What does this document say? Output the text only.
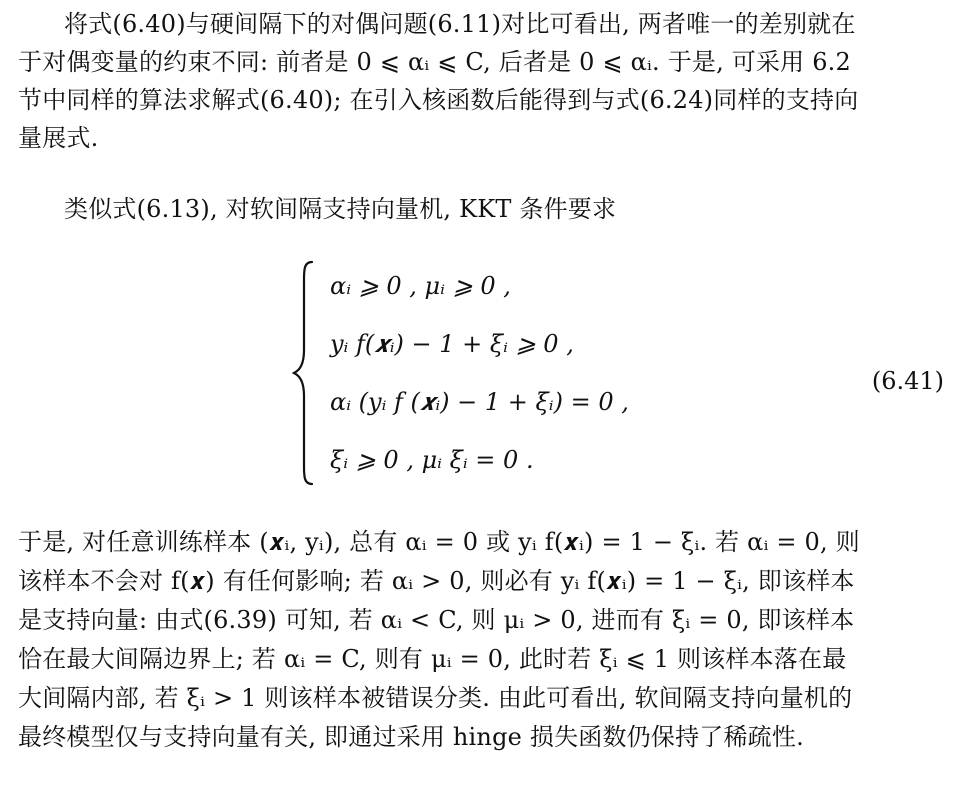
将式(6.40)与硬间隔下的对偶问题(6.11)对比可看出, 两者唯一的差别就在
于对偶变量的约束不同: 前者是 0 ⩽ αᵢ ⩽ C, 后者是 0 ⩽ αᵢ. 于是, 可采用 6.2
节中同样的算法求解式(6.40); 在引入核函数后能得到与式(6.24)同样的支持向
量展式.
类似式(6.13), 对软间隔支持向量机, KKT 条件要求
αᵢ ⩾ 0 , μᵢ ⩾ 0 ,
yᵢ f(𝒙ᵢ) − 1 + ξᵢ ⩾ 0 ,
αᵢ (yᵢ f (𝒙ᵢ) − 1 + ξᵢ) = 0 ,
ξᵢ ⩾ 0 , μᵢ ξᵢ = 0 .
(6.41)
于是, 对任意训练样本 (𝒙ᵢ, yᵢ), 总有 αᵢ = 0 或 yᵢ f(𝒙ᵢ) = 1 − ξᵢ. 若 αᵢ = 0, 则
该样本不会对 f(𝒙) 有任何影响; 若 αᵢ > 0, 则必有 yᵢ f(𝒙ᵢ) = 1 − ξᵢ, 即该样本
是支持向量: 由式(6.39) 可知, 若 αᵢ < C, 则 μᵢ > 0, 进而有 ξᵢ = 0, 即该样本
恰在最大间隔边界上; 若 αᵢ = C, 则有 μᵢ = 0, 此时若 ξᵢ ⩽ 1 则该样本落在最
大间隔内部, 若 ξᵢ > 1 则该样本被错误分类. 由此可看出, 软间隔支持向量机的
最终模型仅与支持向量有关, 即通过采用 hinge 损失函数仍保持了稀疏性.
